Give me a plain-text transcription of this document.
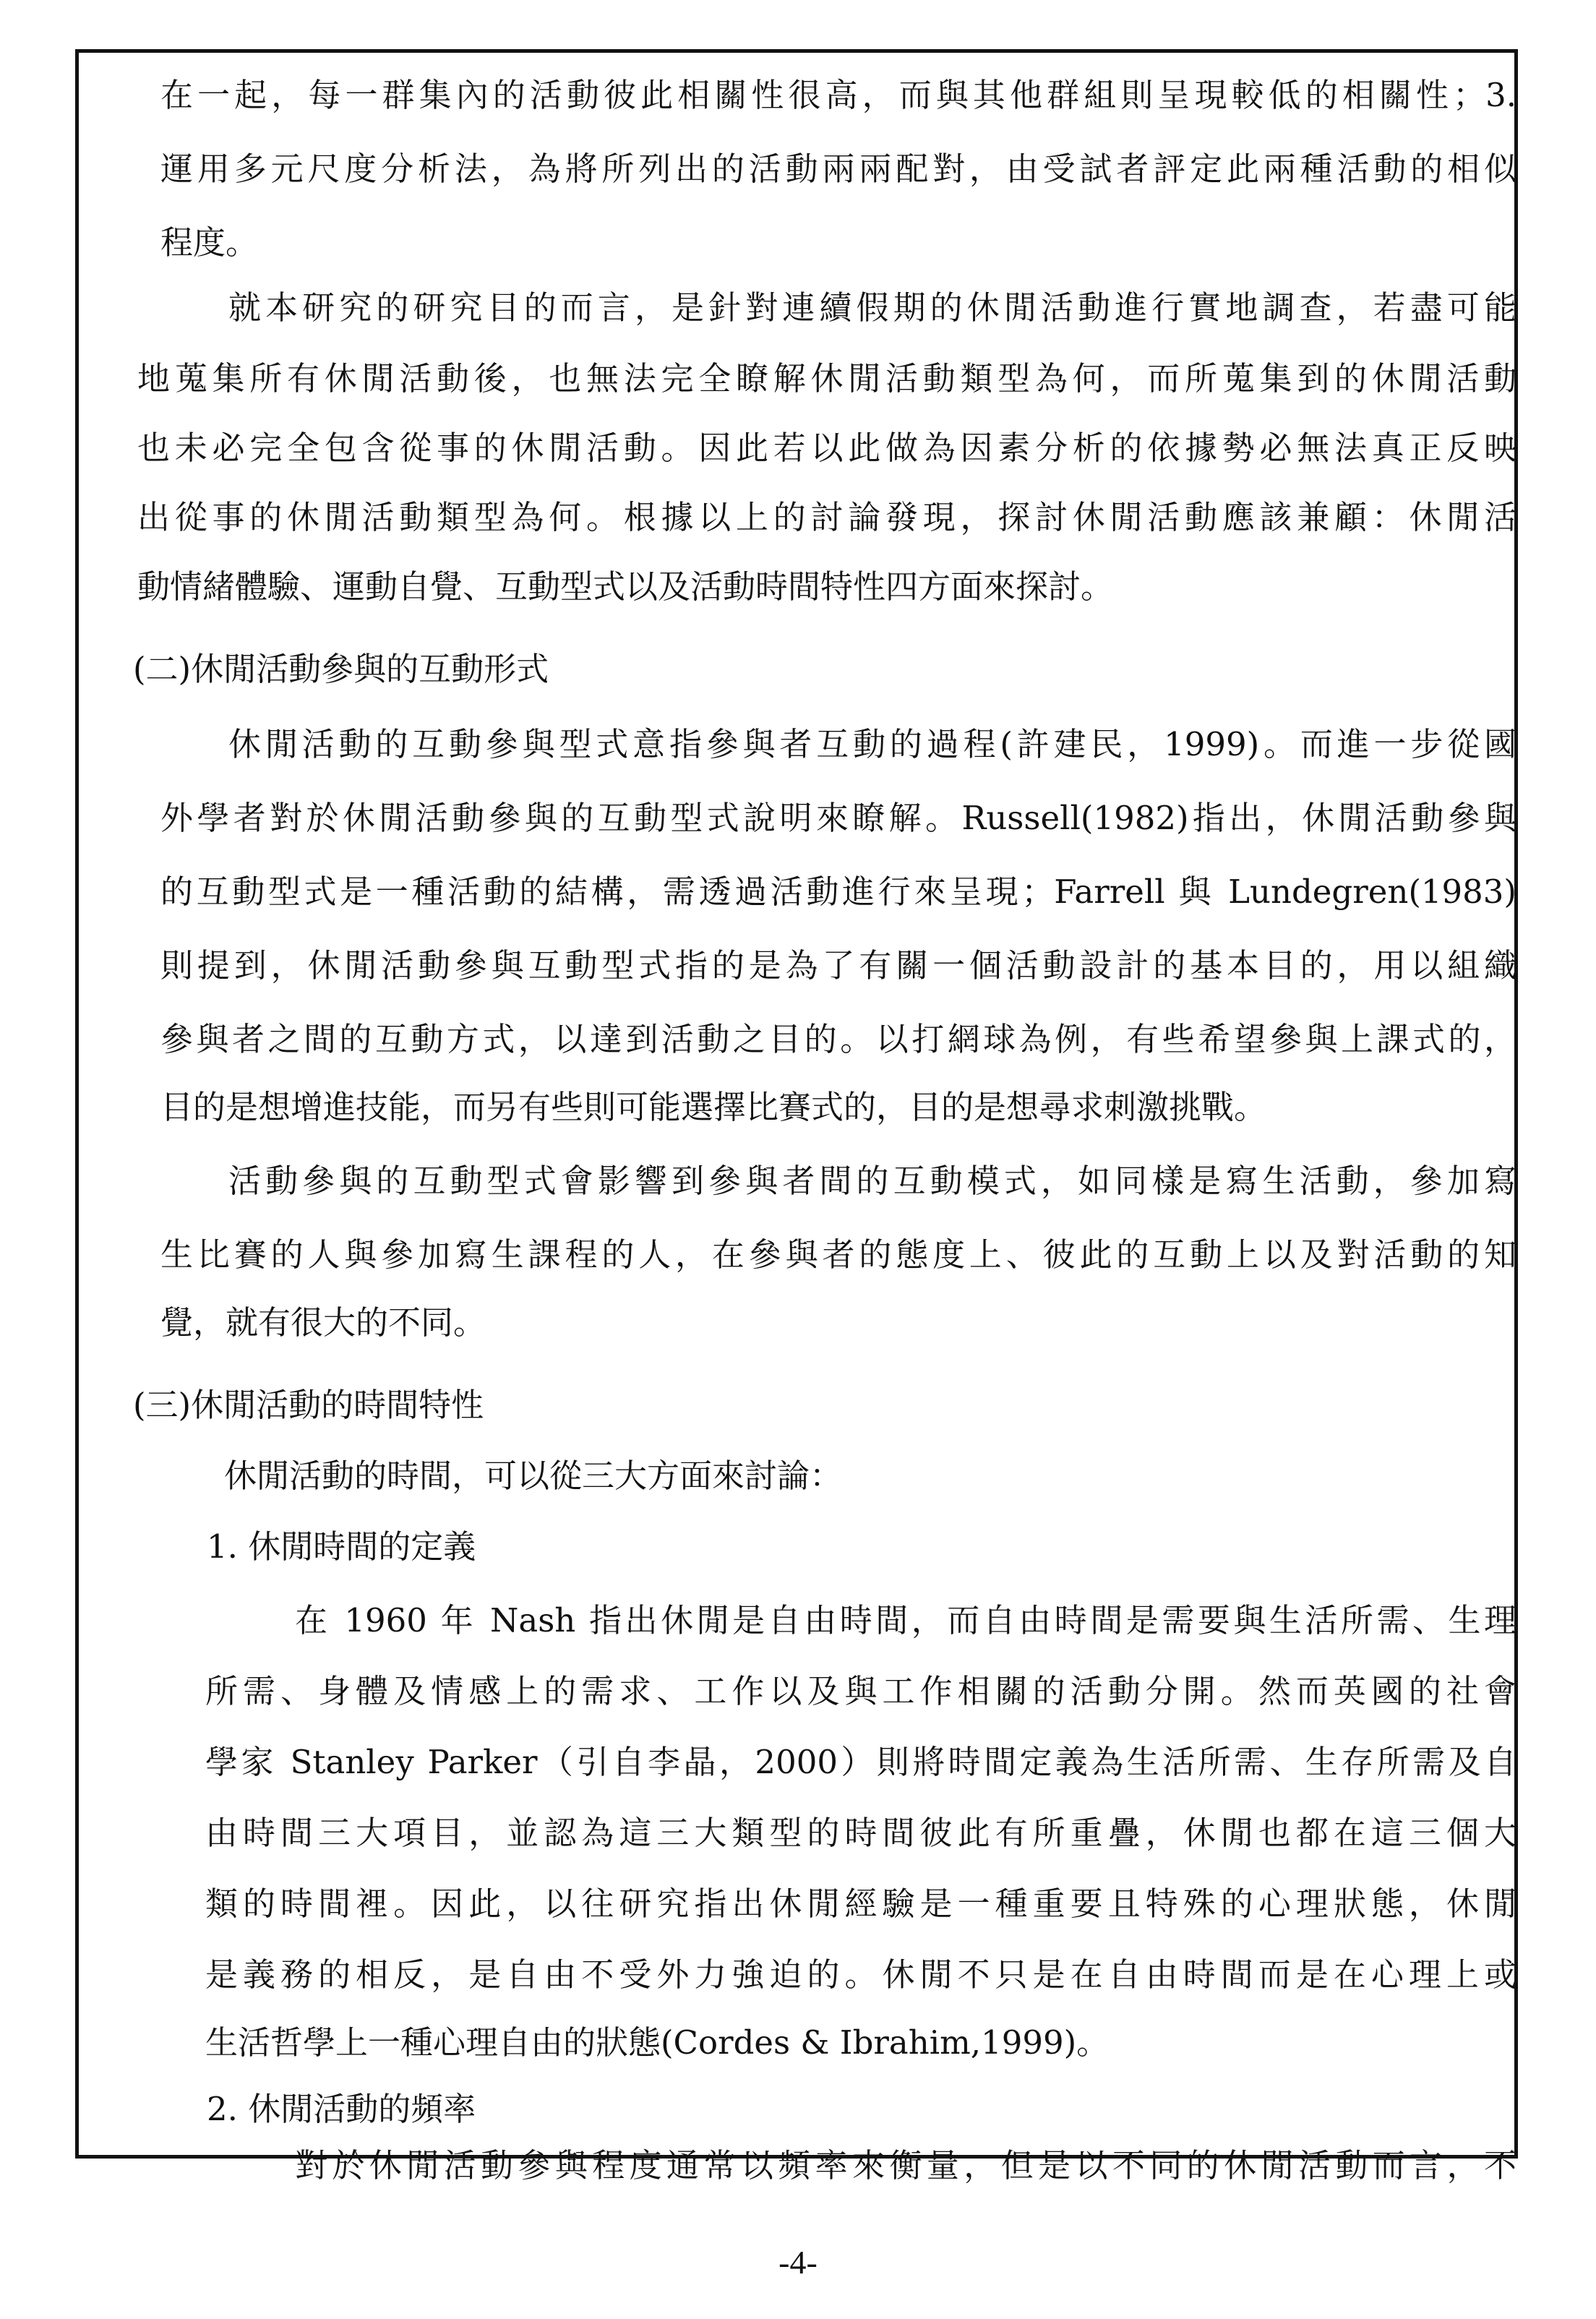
在一起，每一群集內的活動彼此相關性很高，而與其他群組則呈現較低的相關性；3.
運用多元尺度分析法，為將所列出的活動兩兩配對，由受試者評定此兩種活動的相似
程度。
就本研究的研究目的而言，是針對連續假期的休閒活動進行實地調查，若盡可能
地蒐集所有休閒活動後，也無法完全瞭解休閒活動類型為何，而所蒐集到的休閒活動
也未必完全包含從事的休閒活動。因此若以此做為因素分析的依據勢必無法真正反映
出從事的休閒活動類型為何。根據以上的討論發現，探討休閒活動應該兼顧：休閒活
動情緒體驗、運動自覺、互動型式以及活動時間特性四方面來探討。
(二)休閒活動參與的互動形式
休閒活動的互動參與型式意指參與者互動的過程(許建民，1999)。而進一步從國
外學者對於休閒活動參與的互動型式說明來瞭解。Russell(1982)指出，休閒活動參與
的互動型式是一種活動的結構，需透過活動進行來呈現；Farrell 與 Lundegren(1983)
則提到，休閒活動參與互動型式指的是為了有關一個活動設計的基本目的，用以組織
參與者之間的互動方式，以達到活動之目的。以打網球為例，有些希望參與上課式的，
目的是想增進技能，而另有些則可能選擇比賽式的，目的是想尋求刺激挑戰。
活動參與的互動型式會影響到參與者間的互動模式，如同樣是寫生活動，參加寫
生比賽的人與參加寫生課程的人，在參與者的態度上、彼此的互動上以及對活動的知
覺，就有很大的不同。
(三)休閒活動的時間特性
休閒活動的時間，可以從三大方面來討論：
1. 休閒時間的定義
在 1960 年 Nash 指出休閒是自由時間，而自由時間是需要與生活所需、生理
所需、身體及情感上的需求、工作以及與工作相關的活動分開。然而英國的社會
學家 Stanley Parker（引自李晶，2000）則將時間定義為生活所需、生存所需及自
由時間三大項目，並認為這三大類型的時間彼此有所重疊，休閒也都在這三個大
類的時間裡。因此，以往研究指出休閒經驗是一種重要且特殊的心理狀態，休閒
是義務的相反，是自由不受外力強迫的。休閒不只是在自由時間而是在心理上或
生活哲學上一種心理自由的狀態(Cordes & Ibrahim,1999)。
2. 休閒活動的頻率
對於休閒活動參與程度通常以頻率來衡量，但是以不同的休閒活動而言，不
-4-
